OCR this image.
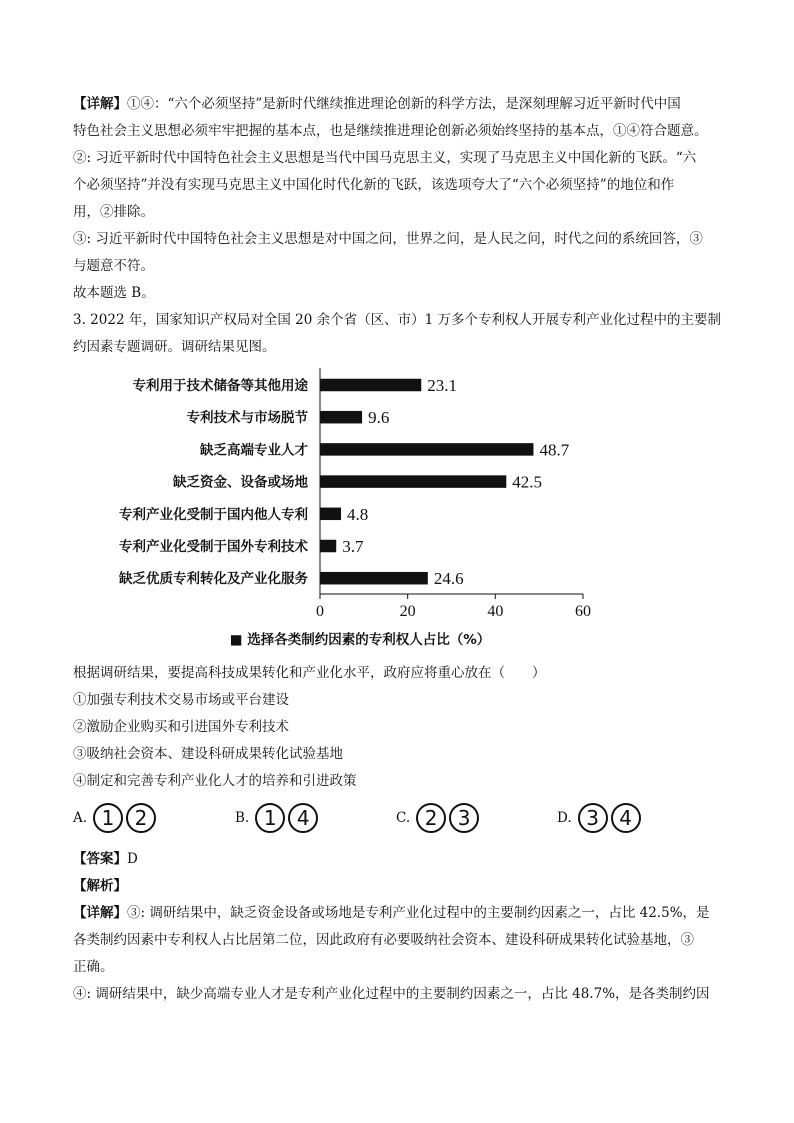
【详解】①④：“六个必须坚持”是新时代继续推进理论创新的科学方法，是深刻理解习近平新时代中国
特色社会主义思想必须牢牢把握的基本点，也是继续推进理论创新必须始终坚持的基本点，①④符合题意。
②: 习近平新时代中国特色社会主义思想是当代中国马克思主义，实现了马克思主义中国化新的飞跃。“六
个必须坚持”并没有实现马克思主义中国化时代化新的飞跃，该选项夸大了“六个必须坚持”的地位和作
用，②排除。
③: 习近平新时代中国特色社会主义思想是对中国之问，世界之问，是人民之问，时代之问的系统回答，③
与题意不符。
故本题选 B。
3. 2022 年，国家知识产权局对全国 20 余个省（区、市）1 万多个专利权人开展专利产业化过程中的主要制
约因素专题调研。调研结果见图。
专利用于技术储备等其他用途	23.1
专利技术与市场脱节	9.6
缺乏高端专业人才	48.7
缺乏资金、设备或场地	42.5
专利产业化受制于国内他人专利 4.8
专利产业化受制于国外专利技术 3.7
缺乏优质专利转化及产业化服务	24.6
0	20	40	60
■ 选择各类制约因素的专利权人占比（%）
根据调研结果，要提高科技成果转化和产业化水平，政府应将重心放在（　　）
①加强专利技术交易市场或平台建设
②激励企业购买和引进国外专利技术
③吸纳社会资本、建设科研成果转化试验基地
④制定和完善专利产业化人才的培养和引进政策
A. 1	2	B. 1	4	C. 2	3	D. 3	4
【答案】D
【解析】
【详解】③: 调研结果中，缺乏资金设备或场地是专利产业化过程中的主要制约因素之一，占比 42.5%，是
各类制约因素中专利权人占比居第二位，因此政府有必要吸纳社会资本、建设科研成果转化试验基地，③
正确。
④: 调研结果中，缺少高端专业人才是专利产业化过程中的主要制约因素之一，占比 48.7%，是各类制约因
